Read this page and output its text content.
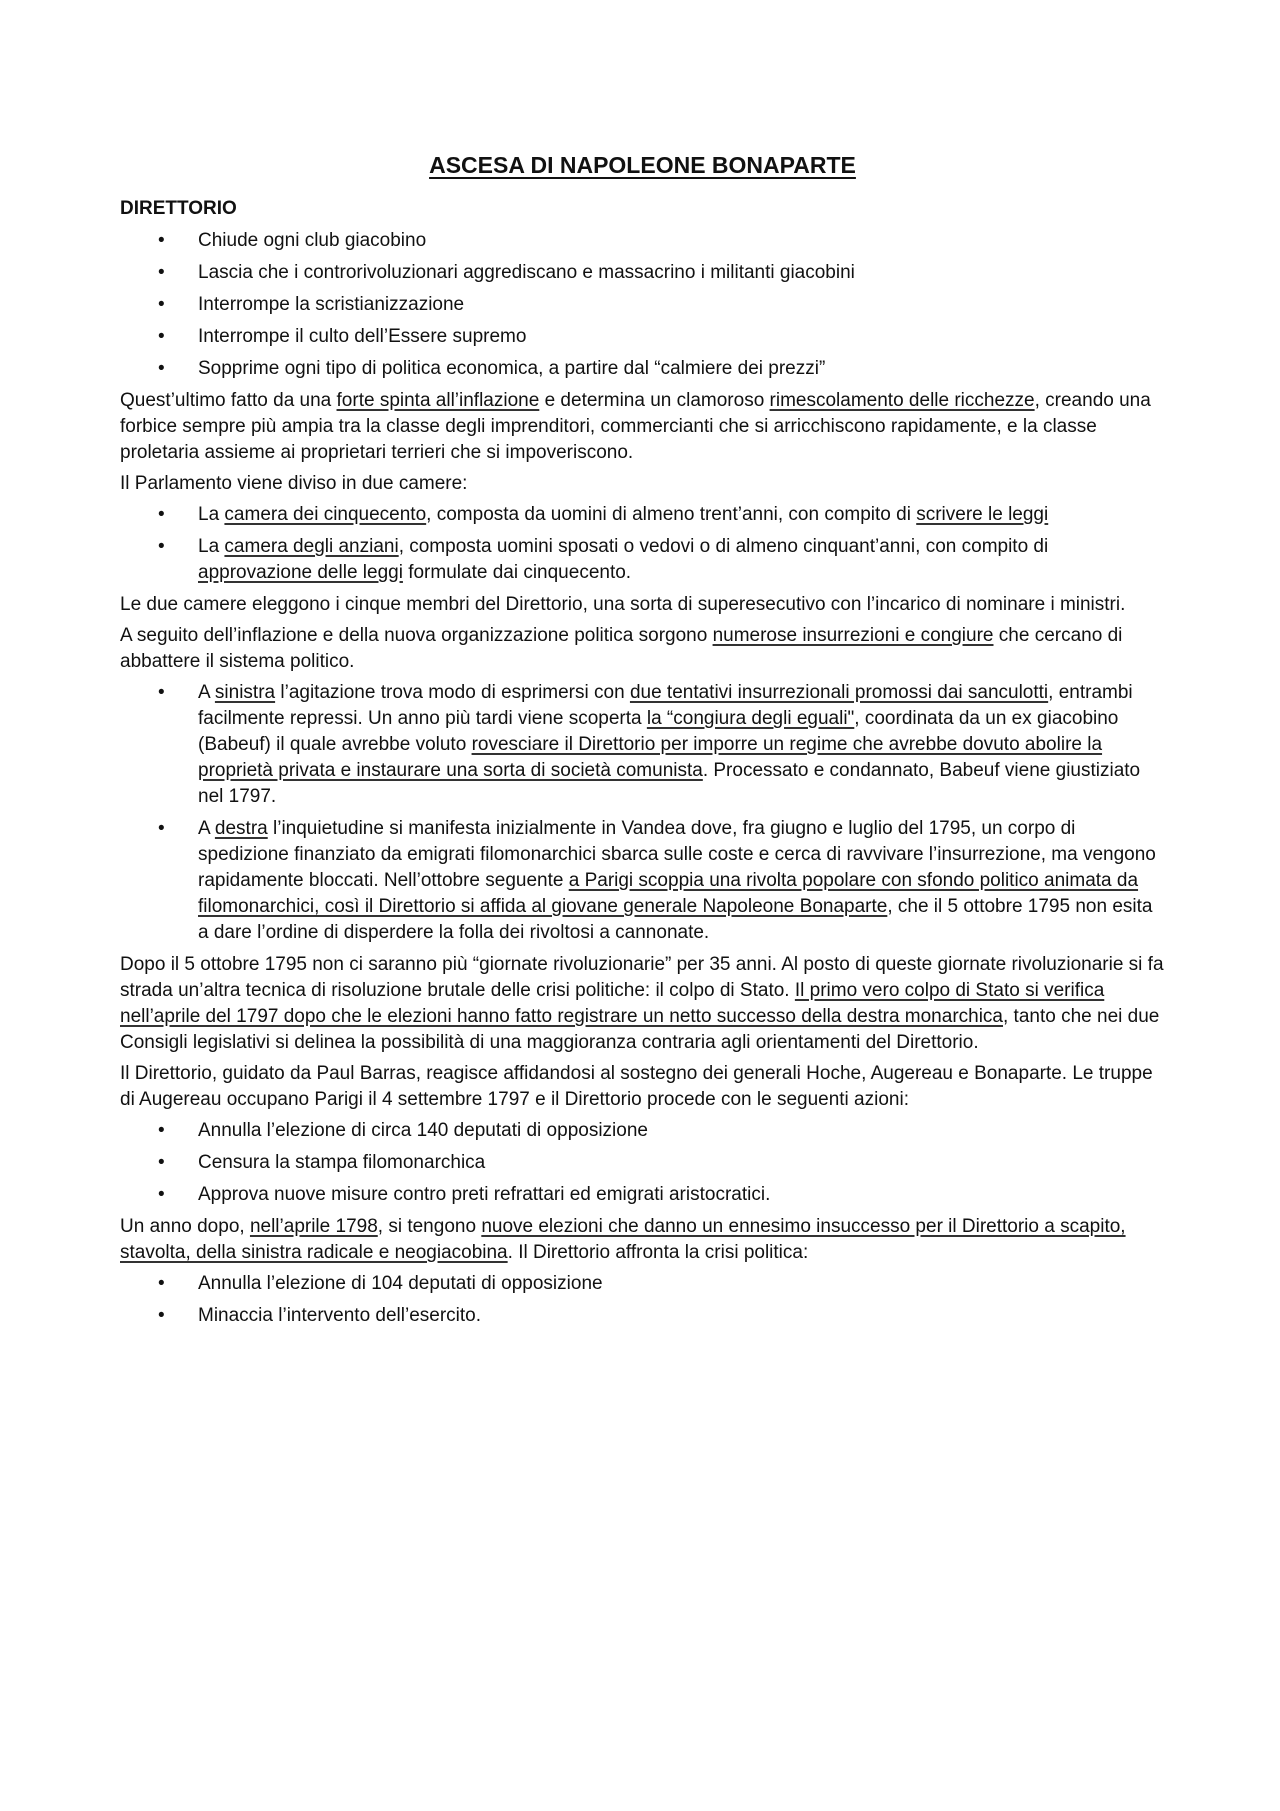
ASCESA DI NAPOLEONE BONAPARTE
DIRETTORIO
• Chiude ogni club giacobino
• Lascia che i controrivoluzionari aggrediscano e massacrino i militanti giacobini
• Interrompe la scristianizzazione
• Interrompe il culto dell’Essere supremo
• Sopprime ogni tipo di politica economica, a partire dal “calmiere dei prezzi”

Quest’ultimo fatto da una forte spinta all’inflazione e determina un clamoroso rimescolamento delle ricchezze, creando una forbice sempre più ampia tra la classe degli imprenditori, commercianti che si arricchiscono rapidamente, e la classe proletaria assieme ai proprietari terrieri che si impoveriscono.

Il Parlamento viene diviso in due camere:

• La camera dei cinquecento, composta da uomini di almeno trent’anni, con compito di scrivere le leggi
• La camera degli anziani, composta uomini sposati o vedovi o di almeno cinquant’anni, con compito di approvazione delle leggi formulate dai cinquecento.

Le due camere eleggono i cinque membri del Direttorio, una sorta di superesecutivo con l’incarico di nominare i ministri.

A seguito dell’inflazione e della nuova organizzazione politica sorgono numerose insurrezioni e congiure che cercano di abbattere il sistema politico.

• A sinistra l’agitazione trova modo di esprimersi con due tentativi insurrezionali promossi dai sanculotti, entrambi facilmente repressi. Un anno più tardi viene scoperta la “congiura degli eguali", coordinata da un ex giacobino (Babeuf) il quale avrebbe voluto rovesciare il Direttorio per imporre un regime che avrebbe dovuto abolire la proprietà privata e instaurare una sorta di società comunista. Processato e condannato, Babeuf viene giustiziato nel 1797.
• A destra l’inquietudine si manifesta inizialmente in Vandea dove, fra giugno e luglio del 1795, un corpo di spedizione finanziato da emigrati filomonarchici sbarca sulle coste e cerca di ravvivare l’insurrezione, ma vengono rapidamente bloccati. Nell’ottobre seguente a Parigi scoppia una rivolta popolare con sfondo politico animata da filomonarchici, così il Direttorio si affida al giovane generale Napoleone Bonaparte, che il 5 ottobre 1795 non esita a dare l’ordine di disperdere la folla dei rivoltosi a cannonate.

Dopo il 5 ottobre 1795 non ci saranno più “giornate rivoluzionarie” per 35 anni. Al posto di queste giornate rivoluzionarie si fa strada un’altra tecnica di risoluzione brutale delle crisi politiche: il colpo di Stato. Il primo vero colpo di Stato si verifica nell’aprile del 1797 dopo che le elezioni hanno fatto registrare un netto successo della destra monarchica, tanto che nei due Consigli legislativi si delinea la possibilità di una maggioranza contraria agli orientamenti del Direttorio.

Il Direttorio, guidato da Paul Barras, reagisce affidandosi al sostegno dei generali Hoche, Augereau e Bonaparte. Le truppe di Augereau occupano Parigi il 4 settembre 1797 e il Direttorio procede con le seguenti azioni:

• Annulla l’elezione di circa 140 deputati di opposizione
• Censura la stampa filomonarchica
• Approva nuove misure contro preti refrattari ed emigrati aristocratici.

Un anno dopo, nell’aprile 1798, si tengono nuove elezioni che danno un ennesimo insuccesso per il Direttorio a scapito, stavolta, della sinistra radicale e neogiacobina. Il Direttorio affronta la crisi politica:

• Annulla l’elezione di 104 deputati di opposizione
• Minaccia l’intervento dell’esercito.
